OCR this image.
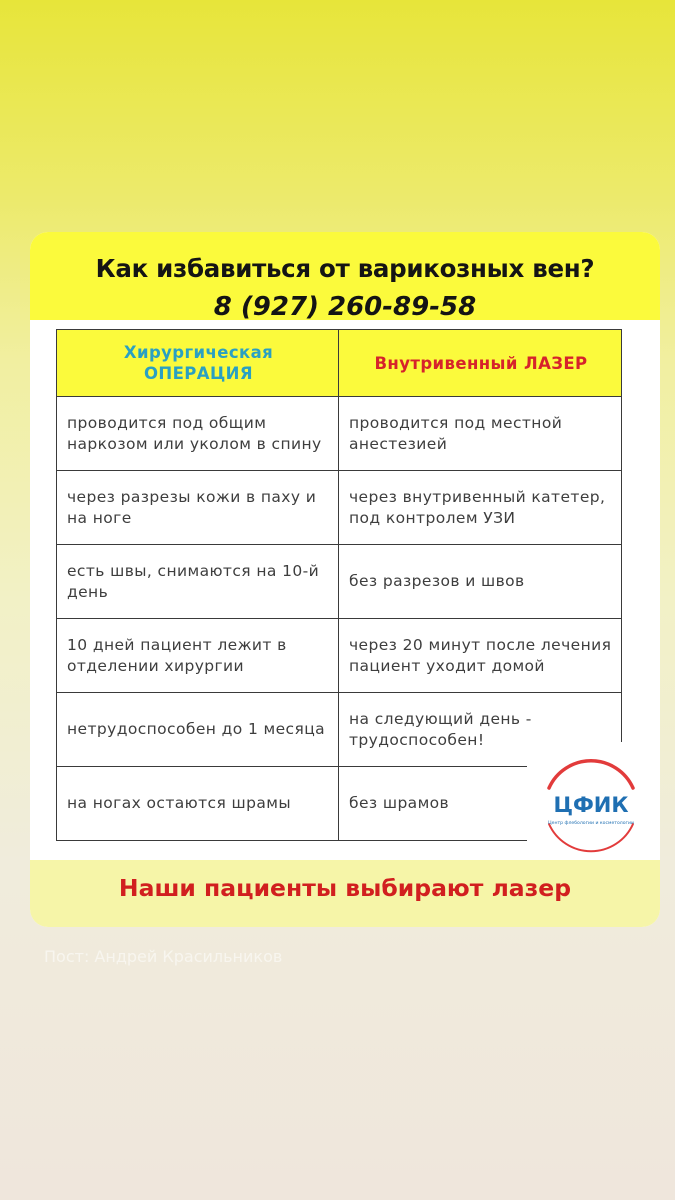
Как избавиться от варикозных вен?
8 (927) 260-89-58
Хирургическая
ОПЕРАЦИЯ	Внутривенный ЛАЗЕР
проводится под общим наркозом или уколом в спину	проводится под местной анестезией
через разрезы кожи в паху и на ноге	через внутривенный катетер, под контролем УЗИ
есть швы, снимаются на 10-й день	без разрезов и швов
10 дней пациент лежит в отделении хирургии	через 20 минут после лечения пациент уходит домой
нетрудоспособен до 1 месяца	на следующий день - трудоспособен!
на ногах остаются шрамы	без шрамов	ЦФИК
Центр флебологии и косметологии
Наши пациенты выбирают лазер
Пост: Андрей Красильников
